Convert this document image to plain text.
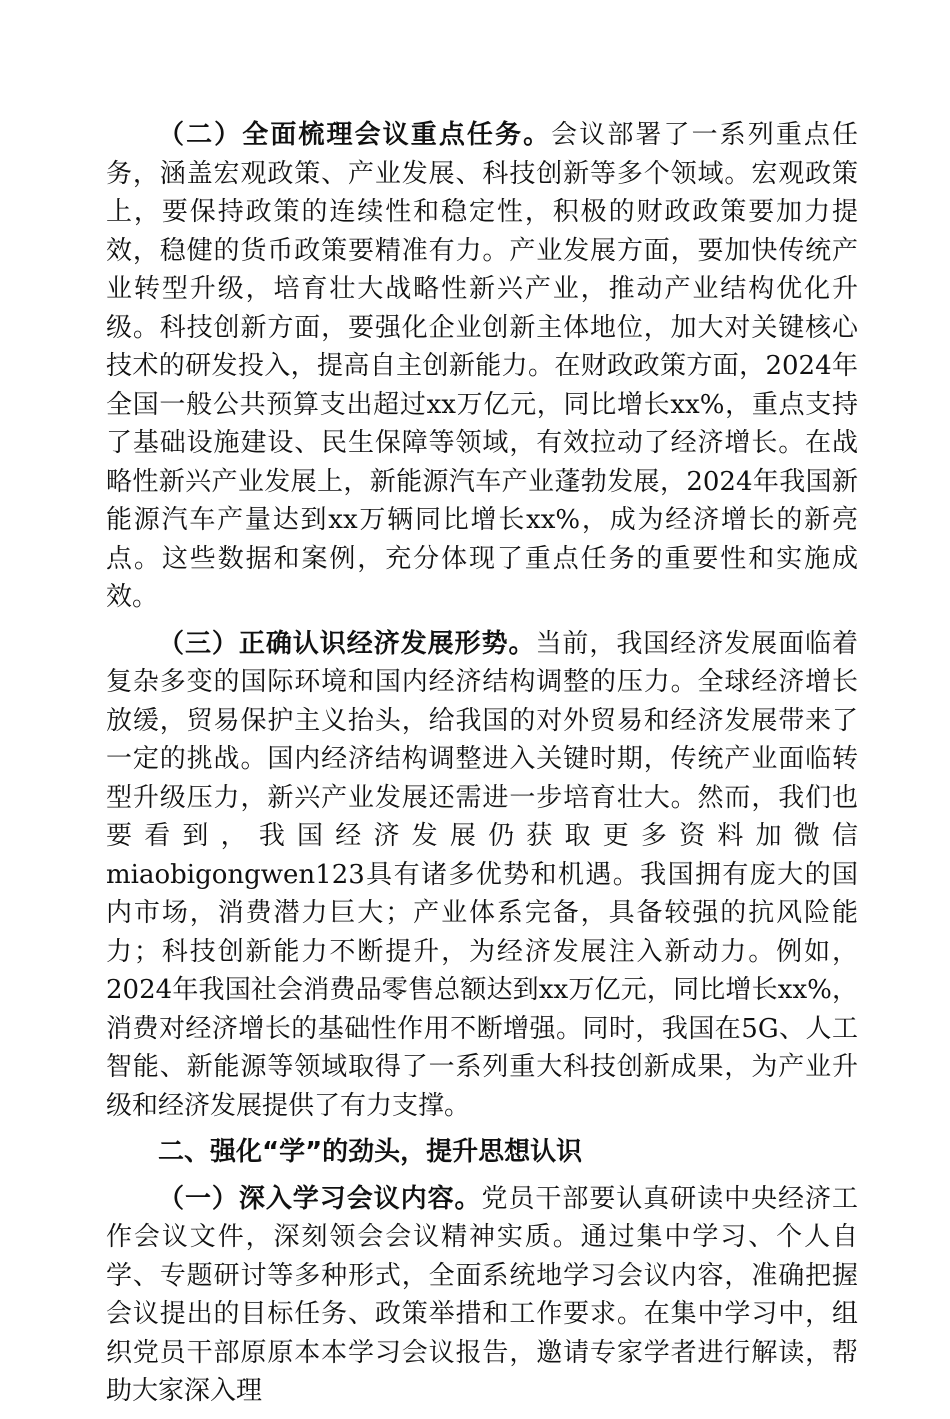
（二）全面梳理会议重点任务。会议部署了一系列重点任务，涵盖宏观政策、产业发展、科技创新等多个领域。宏观政策上，要保持政策的连续性和稳定性，积极的财政政策要加力提效，稳健的货币政策要精准有力。产业发展方面，要加快传统产业转型升级，培育壮大战略性新兴产业，推动产业结构优化升级。科技创新方面，要强化企业创新主体地位，加大对关键核心技术的研发投入，提高自主创新能力。在财政政策方面，2024年全国一般公共预算支出超过xx万亿元，同比增长xx%，重点支持了基础设施建设、民生保障等领域，有效拉动了经济增长。在战略性新兴产业发展上，新能源汽车产业蓬勃发展，2024年我国新能源汽车产量达到xx万辆同比增长xx%，成为经济增长的新亮点。这些数据和案例，充分体现了重点任务的重要性和实施成效。

（三）正确认识经济发展形势。当前，我国经济发展面临着复杂多变的国际环境和国内经济结构调整的压力。全球经济增长放缓，贸易保护主义抬头，给我国的对外贸易和经济发展带来了一定的挑战。国内经济结构调整进入关键时期，传统产业面临转型升级压力，新兴产业发展还需进一步培育壮大。然而，我们也要看到，我国经济发展仍获取更多资料加微信miaobigongwen123具有诸多优势和机遇。我国拥有庞大的国内市场，消费潜力巨大；产业体系完备，具备较强的抗风险能力；科技创新能力不断提升，为经济发展注入新动力。例如，2024年我国社会消费品零售总额达到xx万亿元，同比增长xx%，消费对经济增长的基础性作用不断增强。同时，我国在5G、人工智能、新能源等领域取得了一系列重大科技创新成果，为产业升级和经济发展提供了有力支撑。

二、强化“学”的劲头，提升思想认识

（一）深入学习会议内容。党员干部要认真研读中央经济工作会议文件，深刻领会会议精神实质。通过集中学习、个人自学、专题研讨等多种形式，全面系统地学习会议内容，准确把握会议提出的目标任务、政策举措和工作要求。在集中学习中，组织党员干部原原本本学习会议报告，邀请专家学者进行解读，帮助大家深入理
